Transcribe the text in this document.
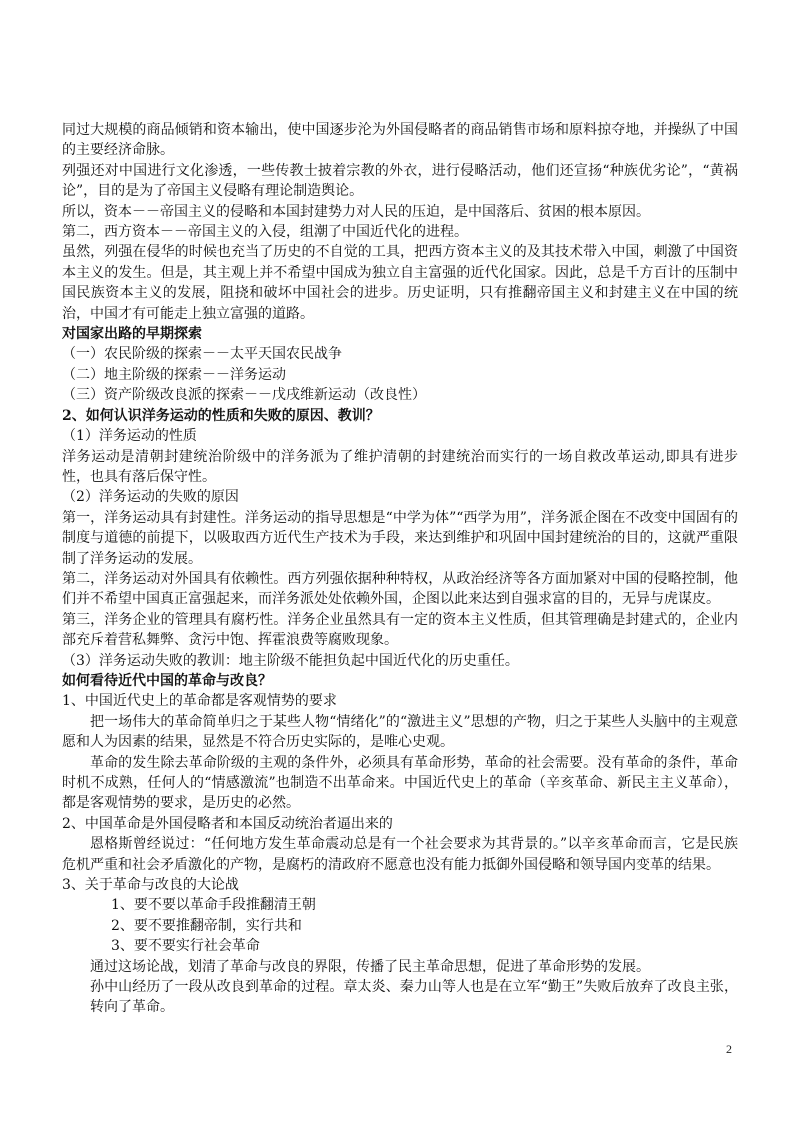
同过大规模的商品倾销和资本输出，使中国逐步沦为外国侵略者的商品销售市场和原料掠夺地，并操纵了中国的主要经济命脉。

列强还对中国进行文化渗透，一些传教士披着宗教的外衣，进行侵略活动，他们还宣扬“种族优劣论”，“黄祸论”，目的是为了帝国主义侵略有理论制造舆论。

所以，资本－－帝国主义的侵略和本国封建势力对人民的压迫，是中国落后、贫困的根本原因。

第二，西方资本－－帝国主义的入侵，组潮了中国近代化的进程。

虽然，列强在侵华的时候也充当了历史的不自觉的工具，把西方资本主义的及其技术带入中国，刺激了中国资本主义的发生。但是，其主观上并不希望中国成为独立自主富强的近代化国家。因此，总是千方百计的压制中国民族资本主义的发展，阻挠和破坏中国社会的进步。历史证明，只有推翻帝国主义和封建主义在中国的统治，中国才有可能走上独立富强的道路。

对国家出路的早期探索

（一）农民阶级的探索－－太平天国农民战争

（二）地主阶级的探索－－洋务运动

（三）资产阶级改良派的探索－－戊戌维新运动（改良性）

2、如何认识洋务运动的性质和失败的原因、教训？

（1）洋务运动的性质

洋务运动是清朝封建统治阶级中的洋务派为了维护清朝的封建统治而实行的一场自救改革运动,即具有进步性，也具有落后保守性。

（2）洋务运动的失败的原因

第一，洋务运动具有封建性。洋务运动的指导思想是“中学为体”“西学为用”，洋务派企图在不改变中国固有的制度与道德的前提下，以吸取西方近代生产技术为手段，来达到维护和巩固中国封建统治的目的，这就严重限制了洋务运动的发展。

第二，洋务运动对外国具有依赖性。西方列强依据种种特权，从政治经济等各方面加紧对中国的侵略控制，他们并不希望中国真正富强起来，而洋务派处处依赖外国，企图以此来达到自强求富的目的，无异与虎谋皮。

第三，洋务企业的管理具有腐朽性。洋务企业虽然具有一定的资本主义性质，但其管理确是封建式的，企业内部充斥着营私舞弊、贪污中饱、挥霍浪费等腐败现象。

（3）洋务运动失败的教训：地主阶级不能担负起中国近代化的历史重任。

如何看待近代中国的革命与改良？

1、中国近代史上的革命都是客观情势的要求

把一场伟大的革命简单归之于某些人物“情绪化”的“激进主义”思想的产物，归之于某些人头脑中的主观意愿和人为因素的结果，显然是不符合历史实际的，是唯心史观。

革命的发生除去革命阶级的主观的条件外，必须具有革命形势，革命的社会需要。没有革命的条件，革命时机不成熟，任何人的“情感激流”也制造不出革命来。中国近代史上的革命（辛亥革命、新民主主义革命），都是客观情势的要求，是历史的必然。

2、中国革命是外国侵略者和本国反动统治者逼出来的

恩格斯曾经说过：“任何地方发生革命震动总是有一个社会要求为其背景的。”以辛亥革命而言，它是民族危机严重和社会矛盾激化的产物，是腐朽的清政府不愿意也没有能力抵御外国侵略和领导国内变革的结果。

3、关于革命与改良的大论战

1、要不要以革命手段推翻清王朝

2、要不要推翻帝制，实行共和

3、要不要实行社会革命

通过这场论战，划清了革命与改良的界限，传播了民主革命思想，促进了革命形势的发展。

孙中山经历了一段从改良到革命的过程。章太炎、秦力山等人也是在立军“勤王”失败后放弃了改良主张，转向了革命。

2
